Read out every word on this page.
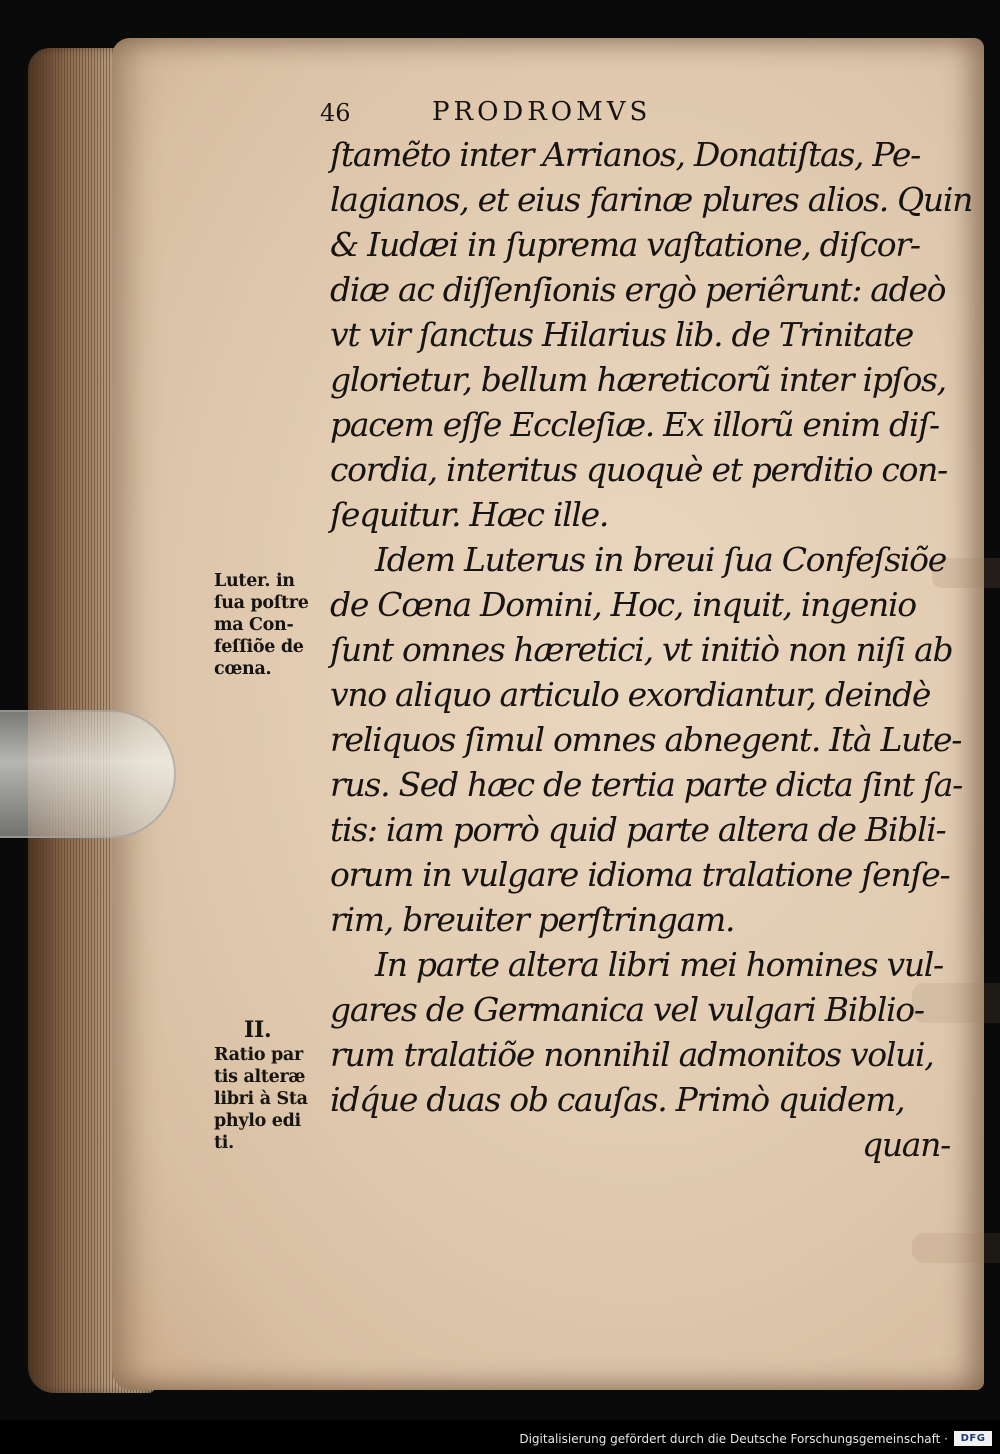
46	PRODROMVS
ſtamẽto inter Arrianos, Donatiſtas, Pe-
lagianos, et eius farinæ plures alios. Quin
& Iudæi in ſuprema vaſtatione, diſcor-
diæ ac diſſenſionis ergò periêrunt: adeò
vt vir ſanctus Hilarius lib. de Trinitate
glorietur, bellum hæreticorũ inter ipſos,
pacem eſſe Eccleſiæ. Ex illorũ enim diſ-
cordia, interitus quoquè et perditio con-
ſequitur. Hæc ille.
Idem Luterus in breui ſua Confeſsiõe
de Cœna Domini, Hoc, inquit, ingenio
ſunt omnes hæretici, vt initiò non niſi ab
vno aliquo articulo exordiantur, deindè
reliquos ſimul omnes abnegent. Ità Lute-
rus. Sed hæc de tertia parte dicta ſint ſa-
tis: iam porrò quid parte altera de Bibli-
orum in vulgare idioma tralatione ſenſe-
rim, breuiter perſtringam.
In parte altera libri mei homines vul-
gares de Germanica vel vulgari Biblio-
rum tralatiõe nonnihil admonitos volui,
idq́ue duas ob cauſas. Primò quidem,
quan-
Luter. in
ſua poſtre
ma Con-
feſſiõe de
cœna.
II.
Ratio par
tis alteræ
libri à Sta
phylo edi
ti.
Digitalisierung gefördert durch die Deutsche Forschungsgemeinschaft ·	DFG
